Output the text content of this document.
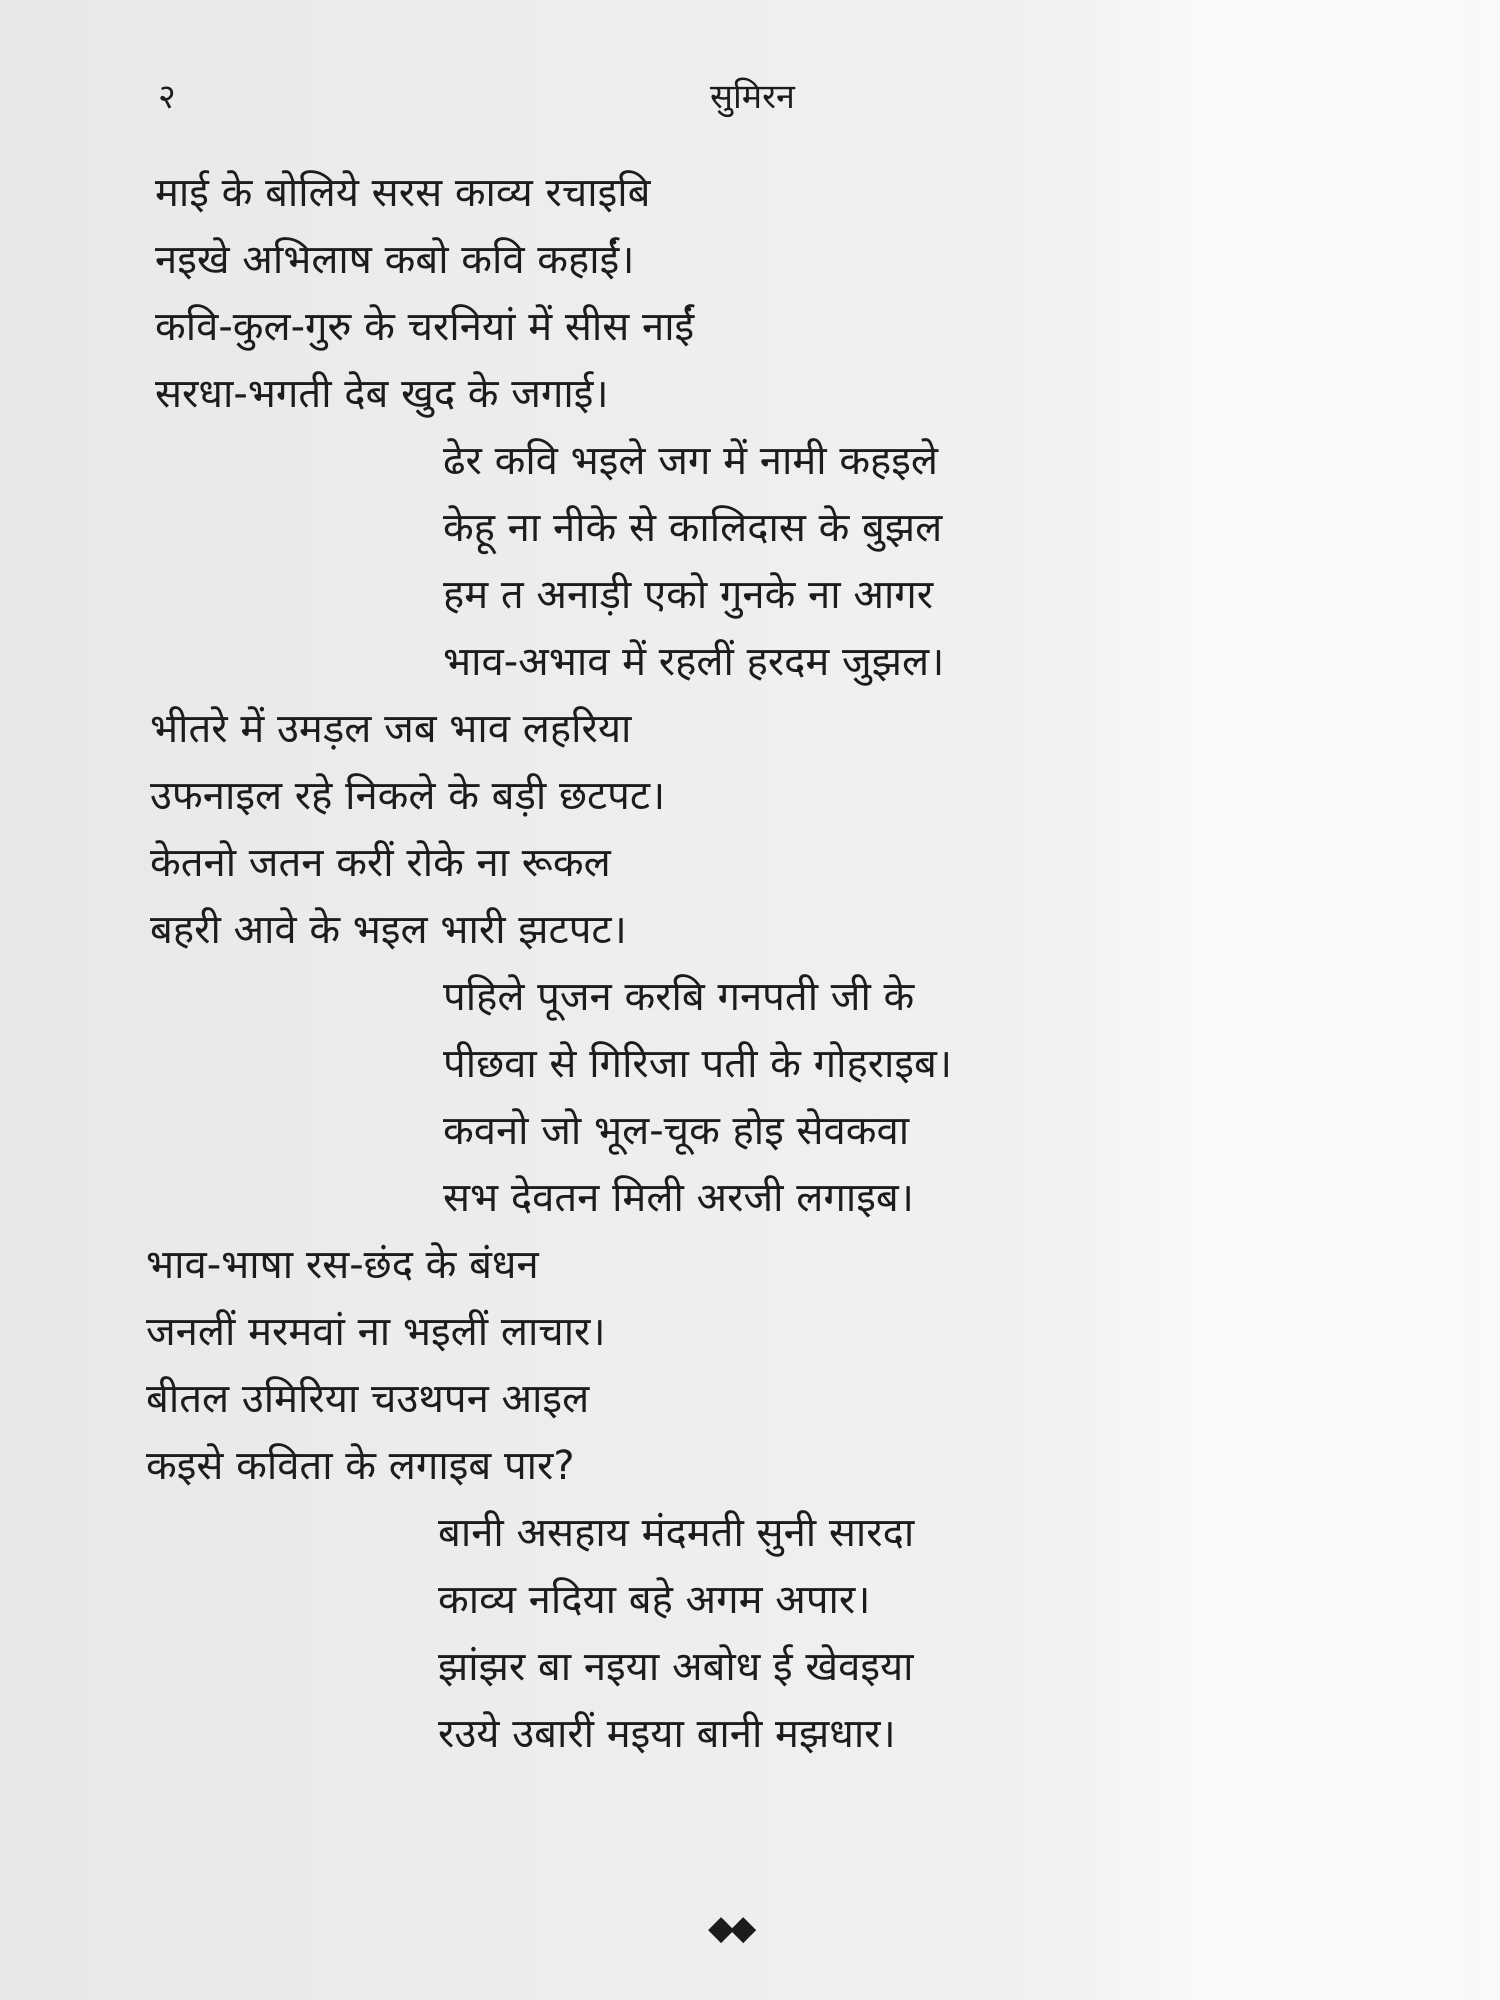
२	सुमिरन
माई के बोलिये सरस काव्य रचाइबि
नइखे अभिलाष कबो कवि कहाईं।
कवि-कुल-गुरु के चरनियां में सीस नाईं
सरधा-भगती देब खुद के जगाई।
ढेर कवि भइले जग में नामी कहइले
केहू ना नीके से कालिदास के बुझल
हम त अनाड़ी एको गुनके ना आगर
भाव-अभाव में रहलीं हरदम जुझल।
भीतरे में उमड़ल जब भाव लहरिया
उफनाइल रहे निकले के बड़ी छटपट।
केतनो जतन करीं रोके ना रूकल
बहरी आवे के भइल भारी झटपट।
पहिले पूजन करबि गनपती जी के
पीछवा से गिरिजा पती के गोहराइब।
कवनो जो भूल-चूक होइ सेवकवा
सभ देवतन मिली अरजी लगाइब।
भाव-भाषा रस-छंद के बंधन
जनलीं मरमवां ना भइलीं लाचार।
बीतल उमिरिया चउथपन आइल
कइसे कविता के लगाइब पार?
बानी असहाय मंदमती सुनी सारदा
काव्य नदिया बहे अगम अपार।
झांझर बा नइया अबोध ई खेवइया
रउये उबारीं मइया बानी मझधार।
◆◆
